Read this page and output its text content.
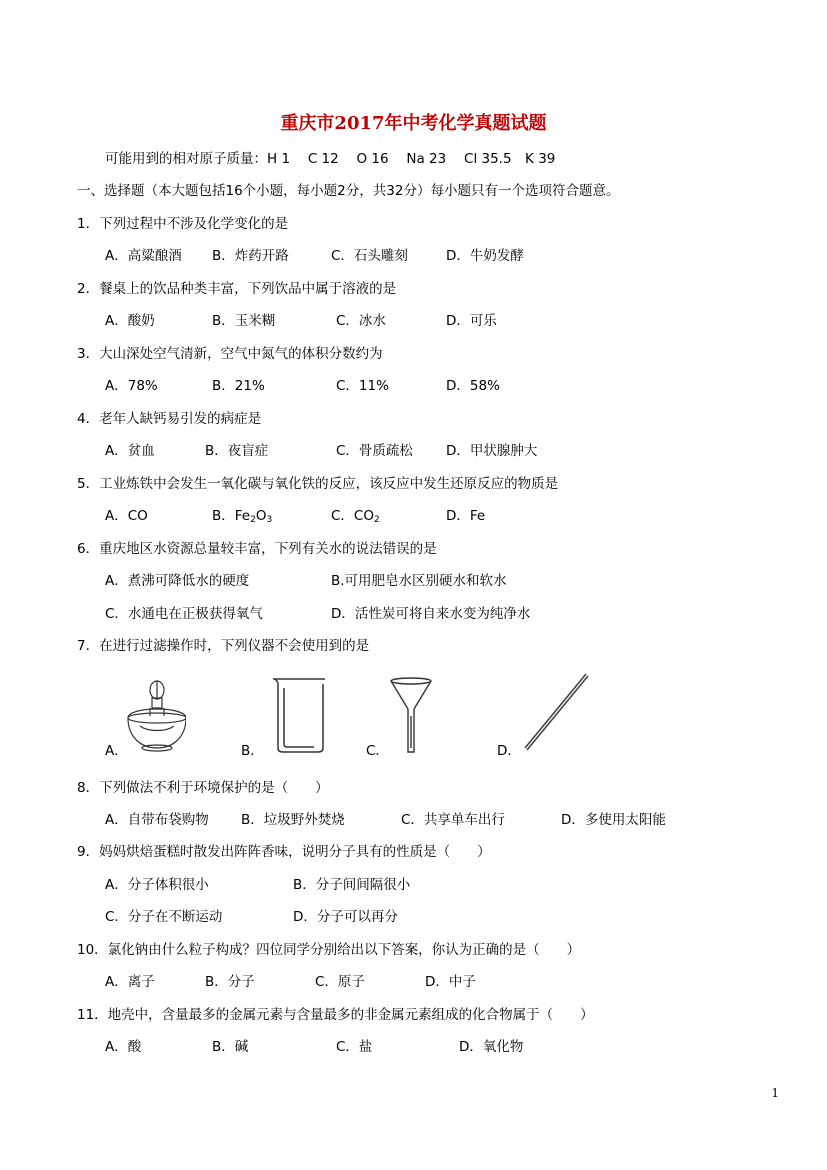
重庆市2017年中考化学真题试题
可能用到的相对原子质量：H 1　 C 12　 O 16　 Na 23　 Cl 35.5　K 39
一、选择题（本大题包括16个小题，每小题2分，共32分）每小题只有一个选项符合题意。
1．下列过程中不涉及化学变化的是
A．高粱酿酒 B．炸药开路	C．石头雕刻	D．牛奶发酵
2．餐桌上的饮品种类丰富，下列饮品中属于溶液的是
A．酸奶	B．玉米糊	C．冰水	D．可乐
3．大山深处空气清新，空气中氮气的体积分数约为
A．78%	B．21%	C．11%	D．58%
4．老年人缺钙易引发的病症是
A．贫血	B．夜盲症	C．骨质疏松 D．甲状腺肿大
5．工业炼铁中会发生一氧化碳与氧化铁的反应，该反应中发生还原反应的物质是
A．CO	B．$Fe_2O_3$	C．$CO_2$	D．Fe
6．重庆地区水资源总量较丰富，下列有关水的说法错误的是
A．煮沸可降低水的硬度	B.可用肥皂水区别硬水和软水
C．水通电在正极获得氧气	D．活性炭可将自来水变为纯净水
7．在进行过滤操作时，下列仪器不会使用到的是
A．	B．	C．	D．
8．下列做法不利于环境保护的是（　　）
A．自带布袋购物 B．垃圾野外焚烧	C．共享单车出行	D．多使用太阳能
9．妈妈烘焙蛋糕时散发出阵阵香味，说明分子具有的性质是（　　）
A．分子体积很小	B．分子间间隔很小
C．分子在不断运动	D．分子可以再分
10．氯化钠由什么粒子构成？四位同学分别给出以下答案，你认为正确的是（　　）
A．离子	B．分子	C．原子	D．中子
11．地壳中，含量最多的金属元素与含量最多的非金属元素组成的化合物属于（　　）
A．酸	B．碱	C．盐	D．氧化物
1
